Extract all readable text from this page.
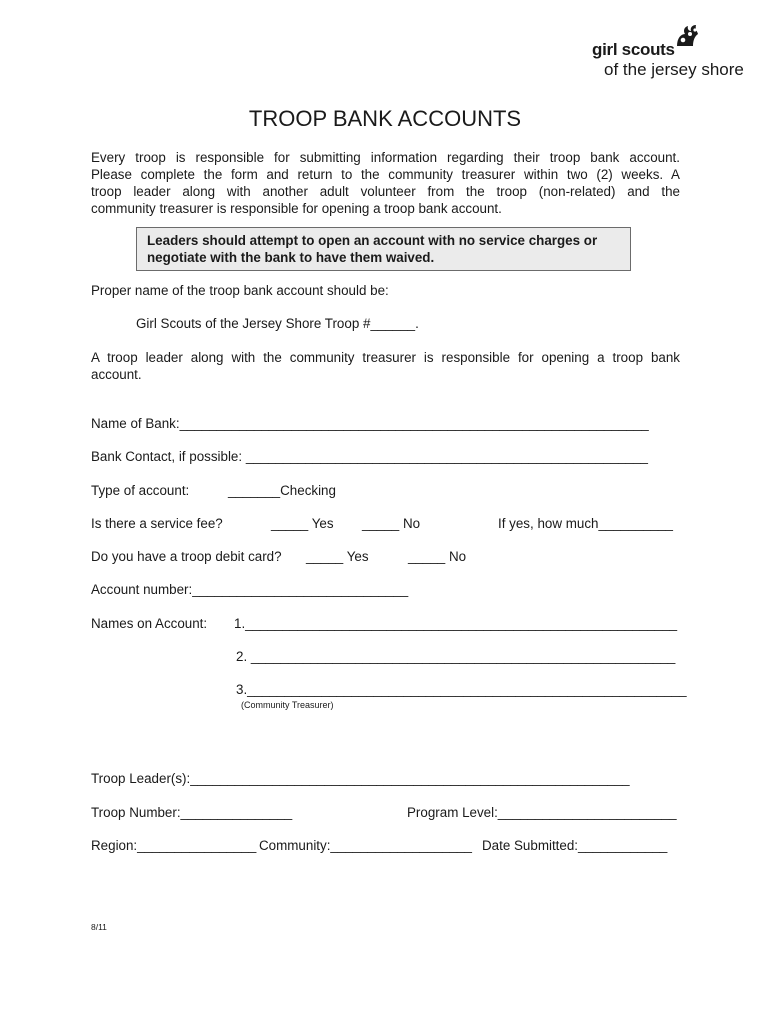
girl scouts
of the jersey shore
TROOP BANK ACCOUNTS
Every troop is responsible for submitting information regarding their troop bank account.
Please complete the form and return to the community treasurer within two (2) weeks. A
troop leader along with another adult volunteer from the troop (non-related) and the
community treasurer is responsible for opening a troop bank account.
Leaders should attempt to open an account with no service charges or
negotiate with the bank to have them waived.
Proper name of the troop bank account should be:
Girl Scouts of the Jersey Shore Troop #______.
A troop leader along with the community treasurer is responsible for opening a troop bank
account.
Name of Bank:_______________________________________________________________
Bank Contact, if possible: ______________________________________________________
Type of account:	_______Checking
Is there a service fee?	_____ Yes _____ No	If yes, how much__________
Do you have a troop debit card? _____ Yes	_____ No
Account number:_____________________________
Names on Account: 1.__________________________________________________________
2. _________________________________________________________
3.___________________________________________________________
(Community Treasurer)
Troop Leader(s):___________________________________________________________
Troop Number:_______________	Program Level:________________________
Region:________________ Community:___________________ Date Submitted:____________
8/11
